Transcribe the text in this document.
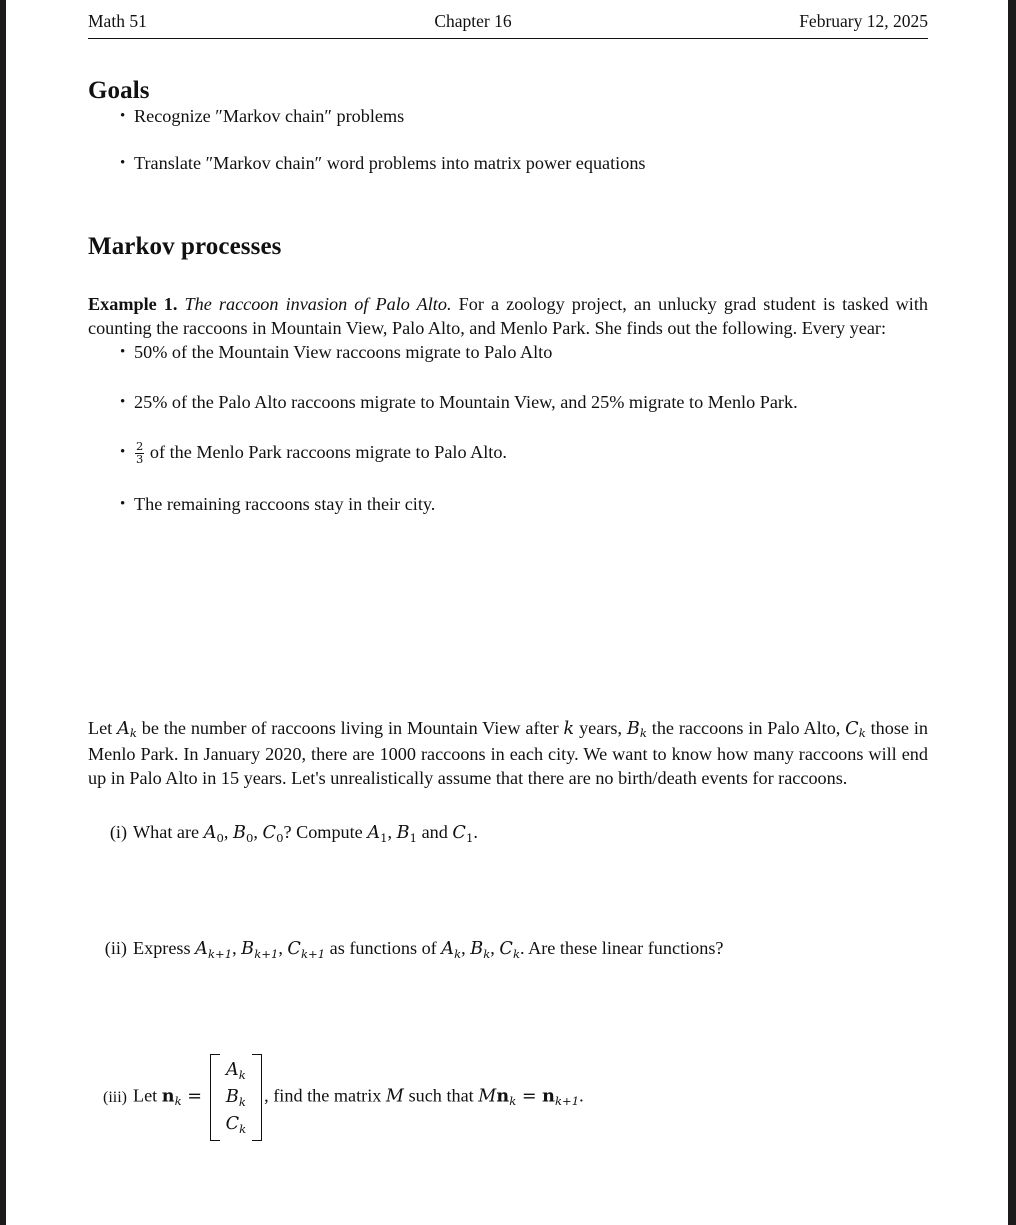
Math 51	Chapter 16	February 12, 2025
Goals
• Recognize ″Markov chain″ problems
• Translate ″Markov chain″ word problems into matrix power equations
Markov processes

Example 1. The raccoon invasion of Palo Alto. For a zoology project, an unlucky grad student is tasked with counting the raccoons in Mountain View, Palo Alto, and Menlo Park. She finds out the following. Every year:

• 50% of the Mountain View raccoons migrate to Palo Alto
• 25% of the Palo Alto raccoons migrate to Mountain View, and 25% migrate to Menlo Park.
• $\frac{2}{3}$ of the Menlo Park raccoons migrate to Palo Alto.
• The remaining raccoons stay in their city.

Let $A_k$ be the number of raccoons living in Mountain View after k years, $B_k$ the raccoons in Palo Alto, $C_k$ those in Menlo Park. In January 2020, there are 1000 raccoons in each city. We want to know how many raccoons will end up in Palo Alto in 15 years. Let's unrealistically assume that there are no birth/death events for raccoons.

(i) What are $A_0$, $B_0$, $C_0$? Compute $A_1$, $B_1$ and $C_1$.
(ii) Express $A_{k+1}$, $B_{k+1}$, $C_{k+1}$ as functions of $A_k$, $B_k$, $C_k$. Are these linear functions?
(iii) Let $n_k$ =
$A_k$
$B_k$
$C_k$
, find the matrix M such that $Mn_k = n_{k+1}$.
